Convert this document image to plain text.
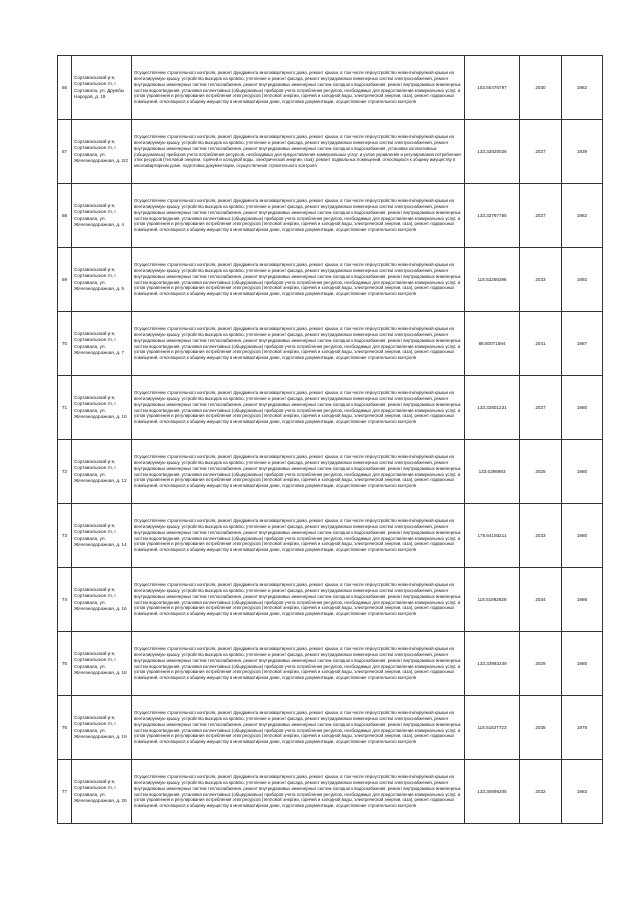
66	Сортавальский р-н, Сортавальское гп, г. Сортавала, ул. Дружбы Народов, д. 18	Осуществление строительного контроля, ремонт фундамента многоквартирного дома, ремонт крыши, в том числе переустройство невентилируемой крыши на вентилируемую крышу, устройство выходов на кровлю, утепление и ремонт фасада, ремонт внутридомовых инженерных систем электроснабжения, ремонт внутридомовых инженерных систем теплоснабжения, ремонт внутридомовых инженерных систем холодного водоснабжения, ремонт внутридомовых инженерных систем водоотведения, установка коллективных (общедомовых) приборов учета потребления ресурсов, необходимых для предоставления коммунальных услуг, и узлов управления и регулирования потребления этих ресурсов (тепловой энергии, горячей и холодной воды, электрической энергии, газа), ремонт подвальных помещений, относящихся к общему имуществу в многоквартирном доме, подготовка документации, осуществление строительного контроля	103.50476797	2030	1962
67	Сортавальский р-н, Сортавальское гп, г. Сортавала, ул. Железнодорожная, д. 2/2	Осуществление строительного контроля, ремонт фундамента многоквартирного дома, ремонт крыши, в том числе переустройство невентилируемой крыши на вентилируемую крышу, устройство выходов на кровлю, утепление и ремонт фасада, ремонт внутридомовых инженерных систем электроснабжения, ремонт внутридомовых инженерных систем теплоснабжения, ремонт внутридомовых инженерных систем холодного водоснабжения, установка коллективных (общедомовых) приборов учета потребления ресурсов, необходимых для предоставления коммунальных услуг, и узлов управления и регулирования потребления этих ресурсов (тепловой энергии, горячей и холодной воды, электрической энергии, газа), ремонт подвальных помещений, относящихся к общему имуществу в многоквартирном доме, подготовка документации, осуществление строительного контроля	133.32820026	2027	1939
68	Сортавальский р-н, Сортавальское гп, г. Сортавала, ул. Железнодорожная, д. 4	Осуществление строительного контроля, ремонт фундамента многоквартирного дома, ремонт крыши, в том числе переустройство невентилируемой крыши на вентилируемую крышу, устройство выходов на кровлю, утепление и ремонт фасада, ремонт внутридомовых инженерных систем электроснабжения, ремонт внутридомовых инженерных систем теплоснабжения, ремонт внутридомовых инженерных систем холодного водоснабжения, ремонт внутридомовых инженерных систем водоотведения, установка коллективных (общедомовых) приборов учета потребления ресурсов, необходимых для предоставления коммунальных услуг, и узлов управления и регулирования потребления этих ресурсов (тепловой энергии, горячей и холодной воды, электрической энергии, газа), ремонт подвальных помещений, относящихся к общему имуществу в многоквартирном доме, подготовка документации, осуществление строительного контроля	133.32797765	2027	1962
69	Сортавальский р-н, Сортавальское гп, г. Сортавала, ул. Железнодорожная, д. 5	Осуществление строительного контроля, ремонт фундамента многоквартирного дома, ремонт крыши, в том числе переустройство невентилируемой крыши на вентилируемую крышу, устройство выходов на кровлю, утепление и ремонт фасада, ремонт внутридомовых инженерных систем электроснабжения, ремонт внутридомовых инженерных систем теплоснабжения, ремонт внутридомовых инженерных систем холодного водоснабжения, ремонт внутридомовых инженерных систем водоотведения, установка коллективных (общедомовых) приборов учета потребления ресурсов, необходимых для предоставления коммунальных услуг, и узлов управления и регулирования потребления этих ресурсов (тепловой энергии, горячей и холодной воды, электрической энергии, газа), ремонт подвальных помещений, относящихся к общему имуществу в многоквартирном доме, подготовка документации, осуществление строительного контроля	115.52268296	2033	1992
70	Сортавальский р-н, Сортавальское гп, г. Сортавала, ул. Железнодорожная, д. 7	Осуществление строительного контроля, ремонт фундамента многоквартирного дома, ремонт крыши, в том числе переустройство невентилируемой крыши на вентилируемую крышу, устройство выходов на кровлю, утепление и ремонт фасада, ремонт внутридомовых инженерных систем электроснабжения, ремонт внутридомовых инженерных систем теплоснабжения, ремонт внутридомовых инженерных систем холодного водоснабжения, ремонт внутридомовых инженерных систем водоотведения, установка коллективных (общедомовых) приборов учета потребления ресурсов, необходимых для предоставления коммунальных услуг, и узлов управления и регулирования потребления этих ресурсов (тепловой энергии, горячей и холодной воды, электрической энергии, газа), ремонт подвальных помещений, относящихся к общему имуществу в многоквартирном доме, подготовка документации, осуществление строительного контроля	88.50071594	2041	1987
71	Сортавальский р-н, Сортавальское гп, г. Сортавала, ул. Железнодорожная, д. 10	Осуществление строительного контроля, ремонт фундамента многоквартирного дома, ремонт крыши, в том числе переустройство невентилируемой крыши на вентилируемую крышу, устройство выходов на кровлю, утепление и ремонт фасада, ремонт внутридомовых инженерных систем электроснабжения, ремонт внутридомовых инженерных систем теплоснабжения, ремонт внутридомовых инженерных систем холодного водоснабжения, ремонт внутридомовых инженерных систем водоотведения, установка коллективных (общедомовых) приборов учета потребления ресурсов, необходимых для предоставления коммунальных услуг, и узлов управления и регулирования потребления этих ресурсов (тепловой энергии, горячей и холодной воды, электрической энергии, газа), ремонт подвальных помещений, относящихся к общему имуществу в многоквартирном доме, подготовка документации, осуществление строительного контроля	133.32801231	2027	1980
72	Сортавальский р-н, Сортавальское гп, г. Сортавала, ул. Железнодорожная, д. 12	Осуществление строительного контроля, ремонт фундамента многоквартирного дома, ремонт крыши, в том числе переустройство невентилируемой крыши на вентилируемую крышу, устройство выходов на кровлю, утепление и ремонт фасада, ремонт внутридомовых инженерных систем электроснабжения, ремонт внутридомовых инженерных систем теплоснабжения, ремонт внутридомовых инженерных систем холодного водоснабжения, ремонт внутридомовых инженерных систем водоотведения, установка коллективных (общедомовых) приборов учета потребления ресурсов, необходимых для предоставления коммунальных услуг, и узлов управления и регулирования потребления этих ресурсов (тепловой энергии, горячей и холодной воды, электрической энергии, газа), ремонт подвальных помещений, относящихся к общему имуществу в многоквартирном доме, подготовка документации, осуществление строительного контроля	133.6399993	2025	1980
73	Сортавальский р-н, Сортавальское гп, г. Сортавала, ул. Железнодорожная, д. 14	Осуществление строительного контроля, ремонт фундамента многоквартирного дома, ремонт крыши, в том числе переустройство невентилируемой крыши на вентилируемую крышу, устройство выходов на кровлю, утепление и ремонт фасада, ремонт внутридомовых инженерных систем электроснабжения, ремонт внутридомовых инженерных систем теплоснабжения, ремонт внутридомовых инженерных систем холодного водоснабжения, ремонт внутридомовых инженерных систем водоотведения, установка коллективных (общедомовых) приборов учета потребления ресурсов, необходимых для предоставления коммунальных услуг, и узлов управления и регулирования потребления этих ресурсов (тепловой энергии, горячей и холодной воды, электрической энергии, газа), ремонт подвальных помещений, относящихся к общему имуществу в многоквартирном доме, подготовка документации, осуществление строительного контроля	175.54193211	2033	1980
74	Сортавальский р-н, Сортавальское гп, г. Сортавала, ул. Железнодорожная, д. 16	Осуществление строительного контроля, ремонт фундамента многоквартирного дома, ремонт крыши, в том числе переустройство невентилируемой крыши на вентилируемую крышу, устройство выходов на кровлю, утепление и ремонт фасада, ремонт внутридомовых инженерных систем электроснабжения, ремонт внутридомовых инженерных систем теплоснабжения, ремонт внутридомовых инженерных систем холодного водоснабжения, ремонт внутридомовых инженерных систем водоотведения, установка коллективных (общедомовых) приборов учета потребления ресурсов, необходимых для предоставления коммунальных услуг, и узлов управления и регулирования потребления этих ресурсов (тепловой энергии, горячей и холодной воды, электрической энергии, газа), ремонт подвальных помещений, относящихся к общему имуществу в многоквартирном доме, подготовка документации, осуществление строительного контроля	115.51992828	2034	1986
75	Сортавальский р-н, Сортавальское гп, г. Сортавала, ул. Железнодорожная, д. 18	Осуществление строительного контроля, ремонт фундамента многоквартирного дома, ремонт крыши, в том числе переустройство невентилируемой крыши на вентилируемую крышу, устройство выходов на кровлю, утепление и ремонт фасада, ремонт внутридомовых инженерных систем электроснабжения, ремонт внутридомовых инженерных систем теплоснабжения, ремонт внутридомовых инженерных систем холодного водоснабжения, ремонт внутридомовых инженерных систем водоотведения, установка коллективных (общедомовых) приборов учета потребления ресурсов, необходимых для предоставления коммунальных услуг, и узлов управления и регулирования потребления этих ресурсов (тепловой энергии, горячей и холодной воды, электрической энергии, газа), ремонт подвальных помещений, относящихся к общему имуществу в многоквартирном доме, подготовка документации, осуществление строительного контроля	133.33992249	2029	1985
76	Сортавальский р-н, Сортавальское гп, г. Сортавала, ул. Железнодорожная, д. 19	Осуществление строительного контроля, ремонт фундамента многоквартирного дома, ремонт крыши, в том числе переустройство невентилируемой крыши на вентилируемую крышу, устройство выходов на кровлю, утепление и ремонт фасада, ремонт внутридомовых инженерных систем электроснабжения, ремонт внутридомовых инженерных систем теплоснабжения, ремонт внутридомовых инженерных систем холодного водоснабжения, ремонт внутридомовых инженерных систем водоотведения, установка коллективных (общедомовых) приборов учета потребления ресурсов, необходимых для предоставления коммунальных услуг, и узлов управления и регулирования потребления этих ресурсов (тепловой энергии, горячей и холодной воды, электрической энергии, газа), ремонт подвальных помещений, относящихся к общему имуществу в многоквартирном доме, подготовка документации, осуществление строительного контроля	115.51827723	2035	1978
77	Сортавальский р-н, Сортавальское гп, г. Сортавала, ул. Железнодорожная, д. 20	Осуществление строительного контроля, ремонт фундамента многоквартирного дома, ремонт крыши, в том числе переустройство невентилируемой крыши на вентилируемую крышу, устройство выходов на кровлю, утепление и ремонт фасада, ремонт внутридомовых инженерных систем электроснабжения, ремонт внутридомовых инженерных систем теплоснабжения, ремонт внутридомовых инженерных систем холодного водоснабжения, ремонт внутридомовых инженерных систем водоотведения, установка коллективных (общедомовых) приборов учета потребления ресурсов, необходимых для предоставления коммунальных услуг, и узлов управления и регулирования потребления этих ресурсов (тепловой энергии, горячей и холодной воды, электрической энергии, газа), ремонт подвальных помещений, относящихся к общему имуществу в многоквартирном доме, подготовка документации, осуществление строительного контроля	133.30696205	2032	1983
